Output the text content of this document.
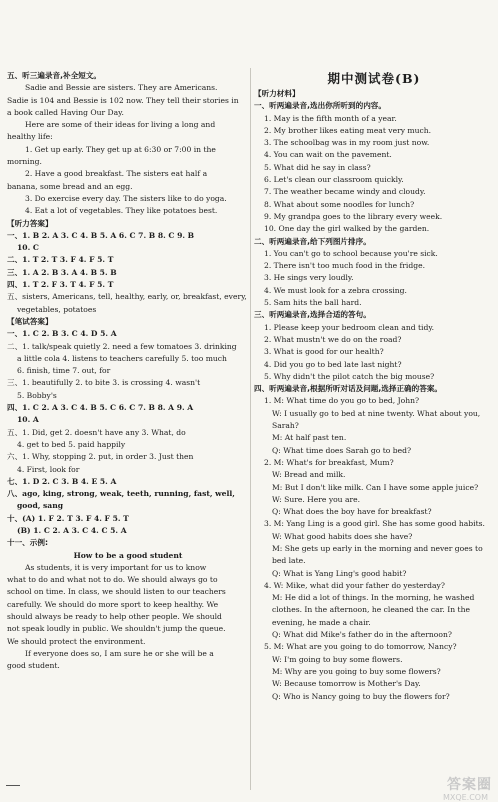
五、听三遍录音,补全短文。
Sadie and Bessie are sisters. They are Americans.
Sadie is 104 and Bessie is 102 now. They tell their stories in
a book called Having Our Day.
Here are some of their ideas for living a long and
healthy life:
1. Get up early. They get up at 6:30 or 7:00 in the
morning.
2. Have a good breakfast. The sisters eat half a
banana, some bread and an egg.
3. Do exercise every day. The sisters like to do yoga.
4. Eat a lot of vegetables. They like potatoes best.
【听力答案】
一、1. B 2. A 3. C 4. B 5. A 6. C 7. B 8. C 9. B
10. C
二、1. T 2. T 3. F 4. F 5. T
三、1. A 2. B 3. A 4. B 5. B
四、1. T 2. F 3. T 4. F 5. T
五、sisters, Americans, tell, healthy, early, or, breakfast, every,
vegetables, potatoes
【笔试答案】
一、1. C 2. B 3. C 4. D 5. A
二、1. talk/speak quietly 2. need a few tomatoes 3. drinking
a little cola 4. listens to teachers carefully 5. too much
6. finish, time 7. out, for
三、1. beautifully 2. to bite 3. is crossing 4. wasn't
5. Bobby's
四、1. C 2. A 3. C 4. B 5. C 6. C 7. B 8. A 9. A
10. A
五、1. Did, get 2. doesn't have any 3. What, do
4. get to bed 5. paid happily
六、1. Why, stopping 2. put, in order 3. Just then
4. First, look for
七、1. D 2. C 3. B 4. E 5. A
八、ago, king, strong, weak, teeth, running, fast, well,
good, sang
十、(A) 1. F 2. T 3. F 4. F 5. T
(B) 1. C 2. A 3. C 4. C 5. A
十一、示例:
How to be a good student
As students, it is very important for us to know
what to do and what not to do. We should always go to
school on time. In class, we should listen to our teachers
carefully. We should do more sport to keep healthy. We
should always be ready to help other people. We should
not speak loudly in public. We shouldn't jump the queue.
We should protect the environment.
If everyone does so, I am sure he or she will be a
good student.
期中测试卷(B)
【听力材料】
一、听两遍录音,选出你所听到的内容。
1. May is the fifth month of a year.
2. My brother likes eating meat very much.
3. The schoolbag was in my room just now.
4. You can wait on the pavement.
5. What did he say in class?
6. Let's clean our classroom quickly.
7. The weather became windy and cloudy.
8. What about some noodles for lunch?
9. My grandpa goes to the library every week.
10. One day the girl walked by the garden.
二、听两遍录音,给下列图片排序。
1. You can't go to school because you're sick.
2. There isn't too much food in the fridge.
3. He sings very loudly.
4. We must look for a zebra crossing.
5. Sam hits the ball hard.
三、听两遍录音,选择合适的答句。
1. Please keep your bedroom clean and tidy.
2. What mustn't we do on the road?
3. What is good for our health?
4. Did you go to bed late last night?
5. Why didn't the pilot catch the big mouse?
四、听两遍录音,根据所听对话及问题,选择正确的答案。
1. M: What time do you go to bed, John?
W: I usually go to bed at nine twenty. What about you,
Sarah?
M: At half past ten.
Q: What time does Sarah go to bed?
2. M: What's for breakfast, Mum?
W: Bread and milk.
M: But I don't like milk. Can I have some apple juice?
W: Sure. Here you are.
Q: What does the boy have for breakfast?
3. M: Yang Ling is a good girl. She has some good habits.
W: What good habits does she have?
M: She gets up early in the morning and never goes to
bed late.
Q: What is Yang Ling's good habit?
4. W: Mike, what did your father do yesterday?
M: He did a lot of things. In the morning, he washed
clothes. In the afternoon, he cleaned the car. In the
evening, he made a chair.
Q: What did Mike's father do in the afternoon?
5. M: What are you going to do tomorrow, Nancy?
W: I'm going to buy some flowers.
M: Why are you going to buy some flowers?
W: Because tomorrow is Mother's Day.
Q: Who is Nancy going to buy the flowers for?
答案圈
MXQE.COM
